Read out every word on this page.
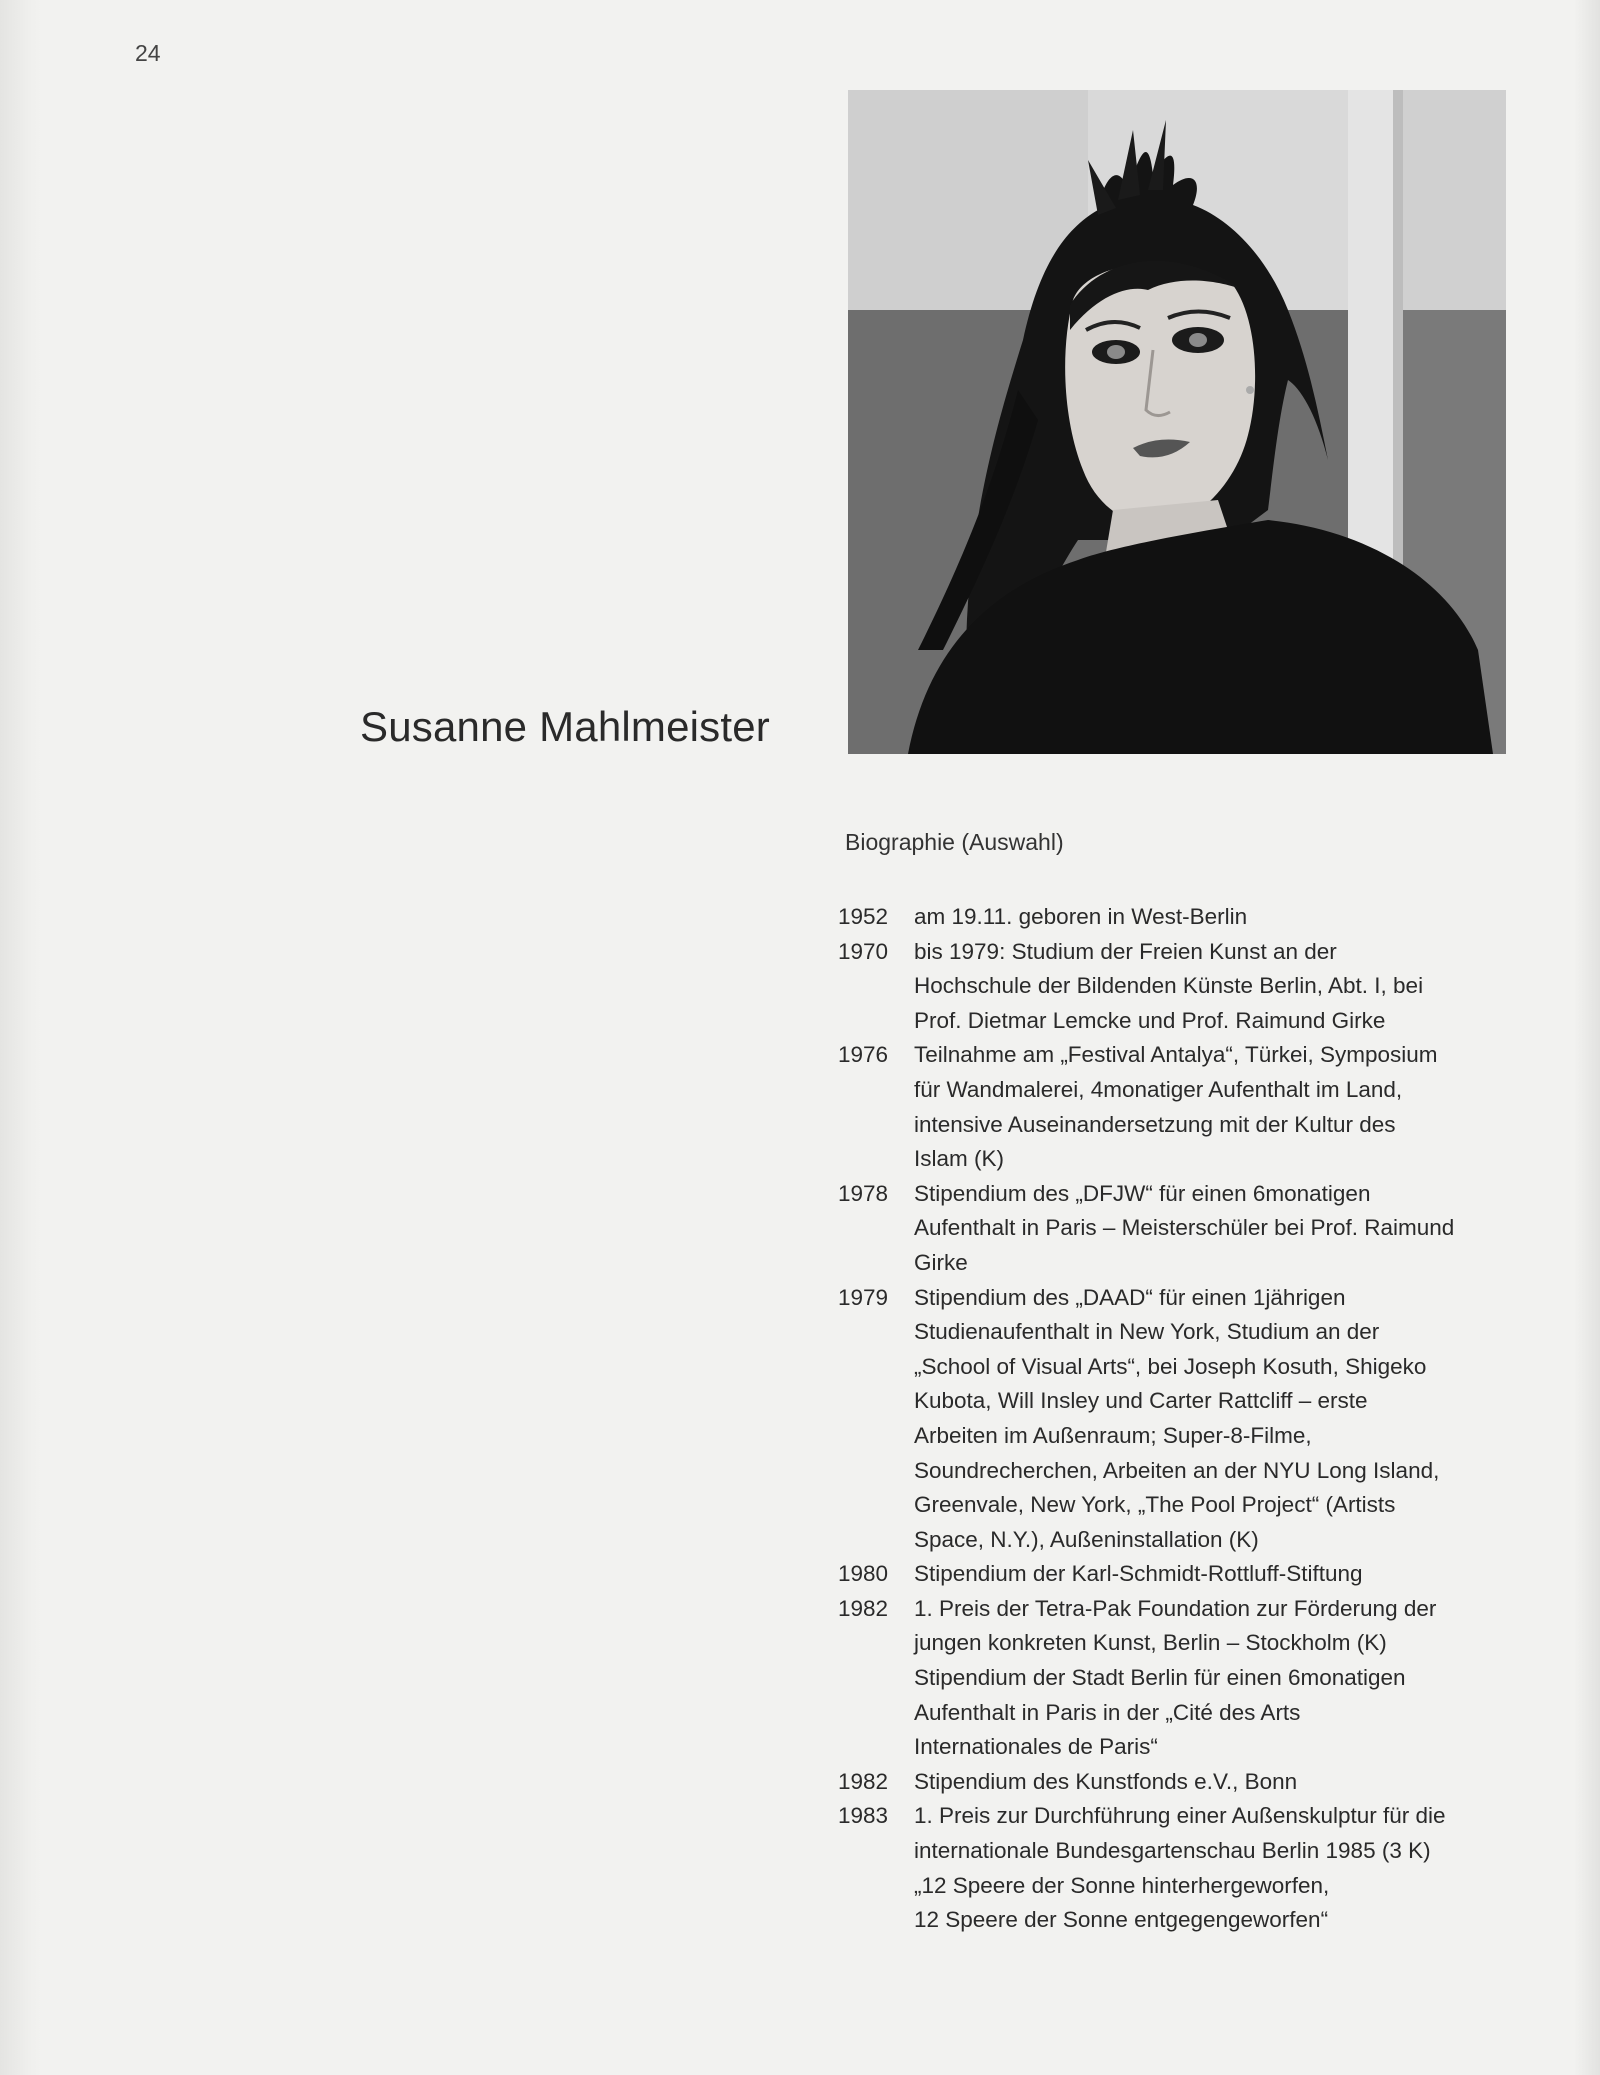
24
Susanne Mahlmeister
Biographie (Auswahl)
1952	am 19.11. geboren in West-Berlin
1970	bis 1979: Studium der Freien Kunst an der
Hochschule der Bildenden Künste Berlin, Abt. I, bei
Prof. Dietmar Lemcke und Prof. Raimund Girke
1976	Teilnahme am „Festival Antalya“, Türkei, Symposium
für Wandmalerei, 4monatiger Aufenthalt im Land,
intensive Auseinandersetzung mit der Kultur des
Islam (K)
1978	Stipendium des „DFJW“ für einen 6monatigen
Aufenthalt in Paris – Meisterschüler bei Prof. Raimund
Girke
1979	Stipendium des „DAAD“ für einen 1jährigen
Studienaufenthalt in New York, Studium an der
„School of Visual Arts“, bei Joseph Kosuth, Shigeko
Kubota, Will Insley und Carter Rattcliff – erste
Arbeiten im Außenraum; Super-8-Filme,
Soundrecherchen, Arbeiten an der NYU Long Island,
Greenvale, New York, „The Pool Project“ (Artists
Space, N.Y.), Außeninstallation (K)
1980	Stipendium der Karl-Schmidt-Rottluff-Stiftung
1982	1. Preis der Tetra-Pak Foundation zur Förderung der
jungen konkreten Kunst, Berlin – Stockholm (K)
Stipendium der Stadt Berlin für einen 6monatigen
Aufenthalt in Paris in der „Cité des Arts
Internationales de Paris“
1982	Stipendium des Kunstfonds e.V., Bonn
1983	1. Preis zur Durchführung einer Außenskulptur für die
internationale Bundesgartenschau Berlin 1985 (3 K)
„12 Speere der Sonne hinterhergeworfen,
12 Speere der Sonne entgegengeworfen“
